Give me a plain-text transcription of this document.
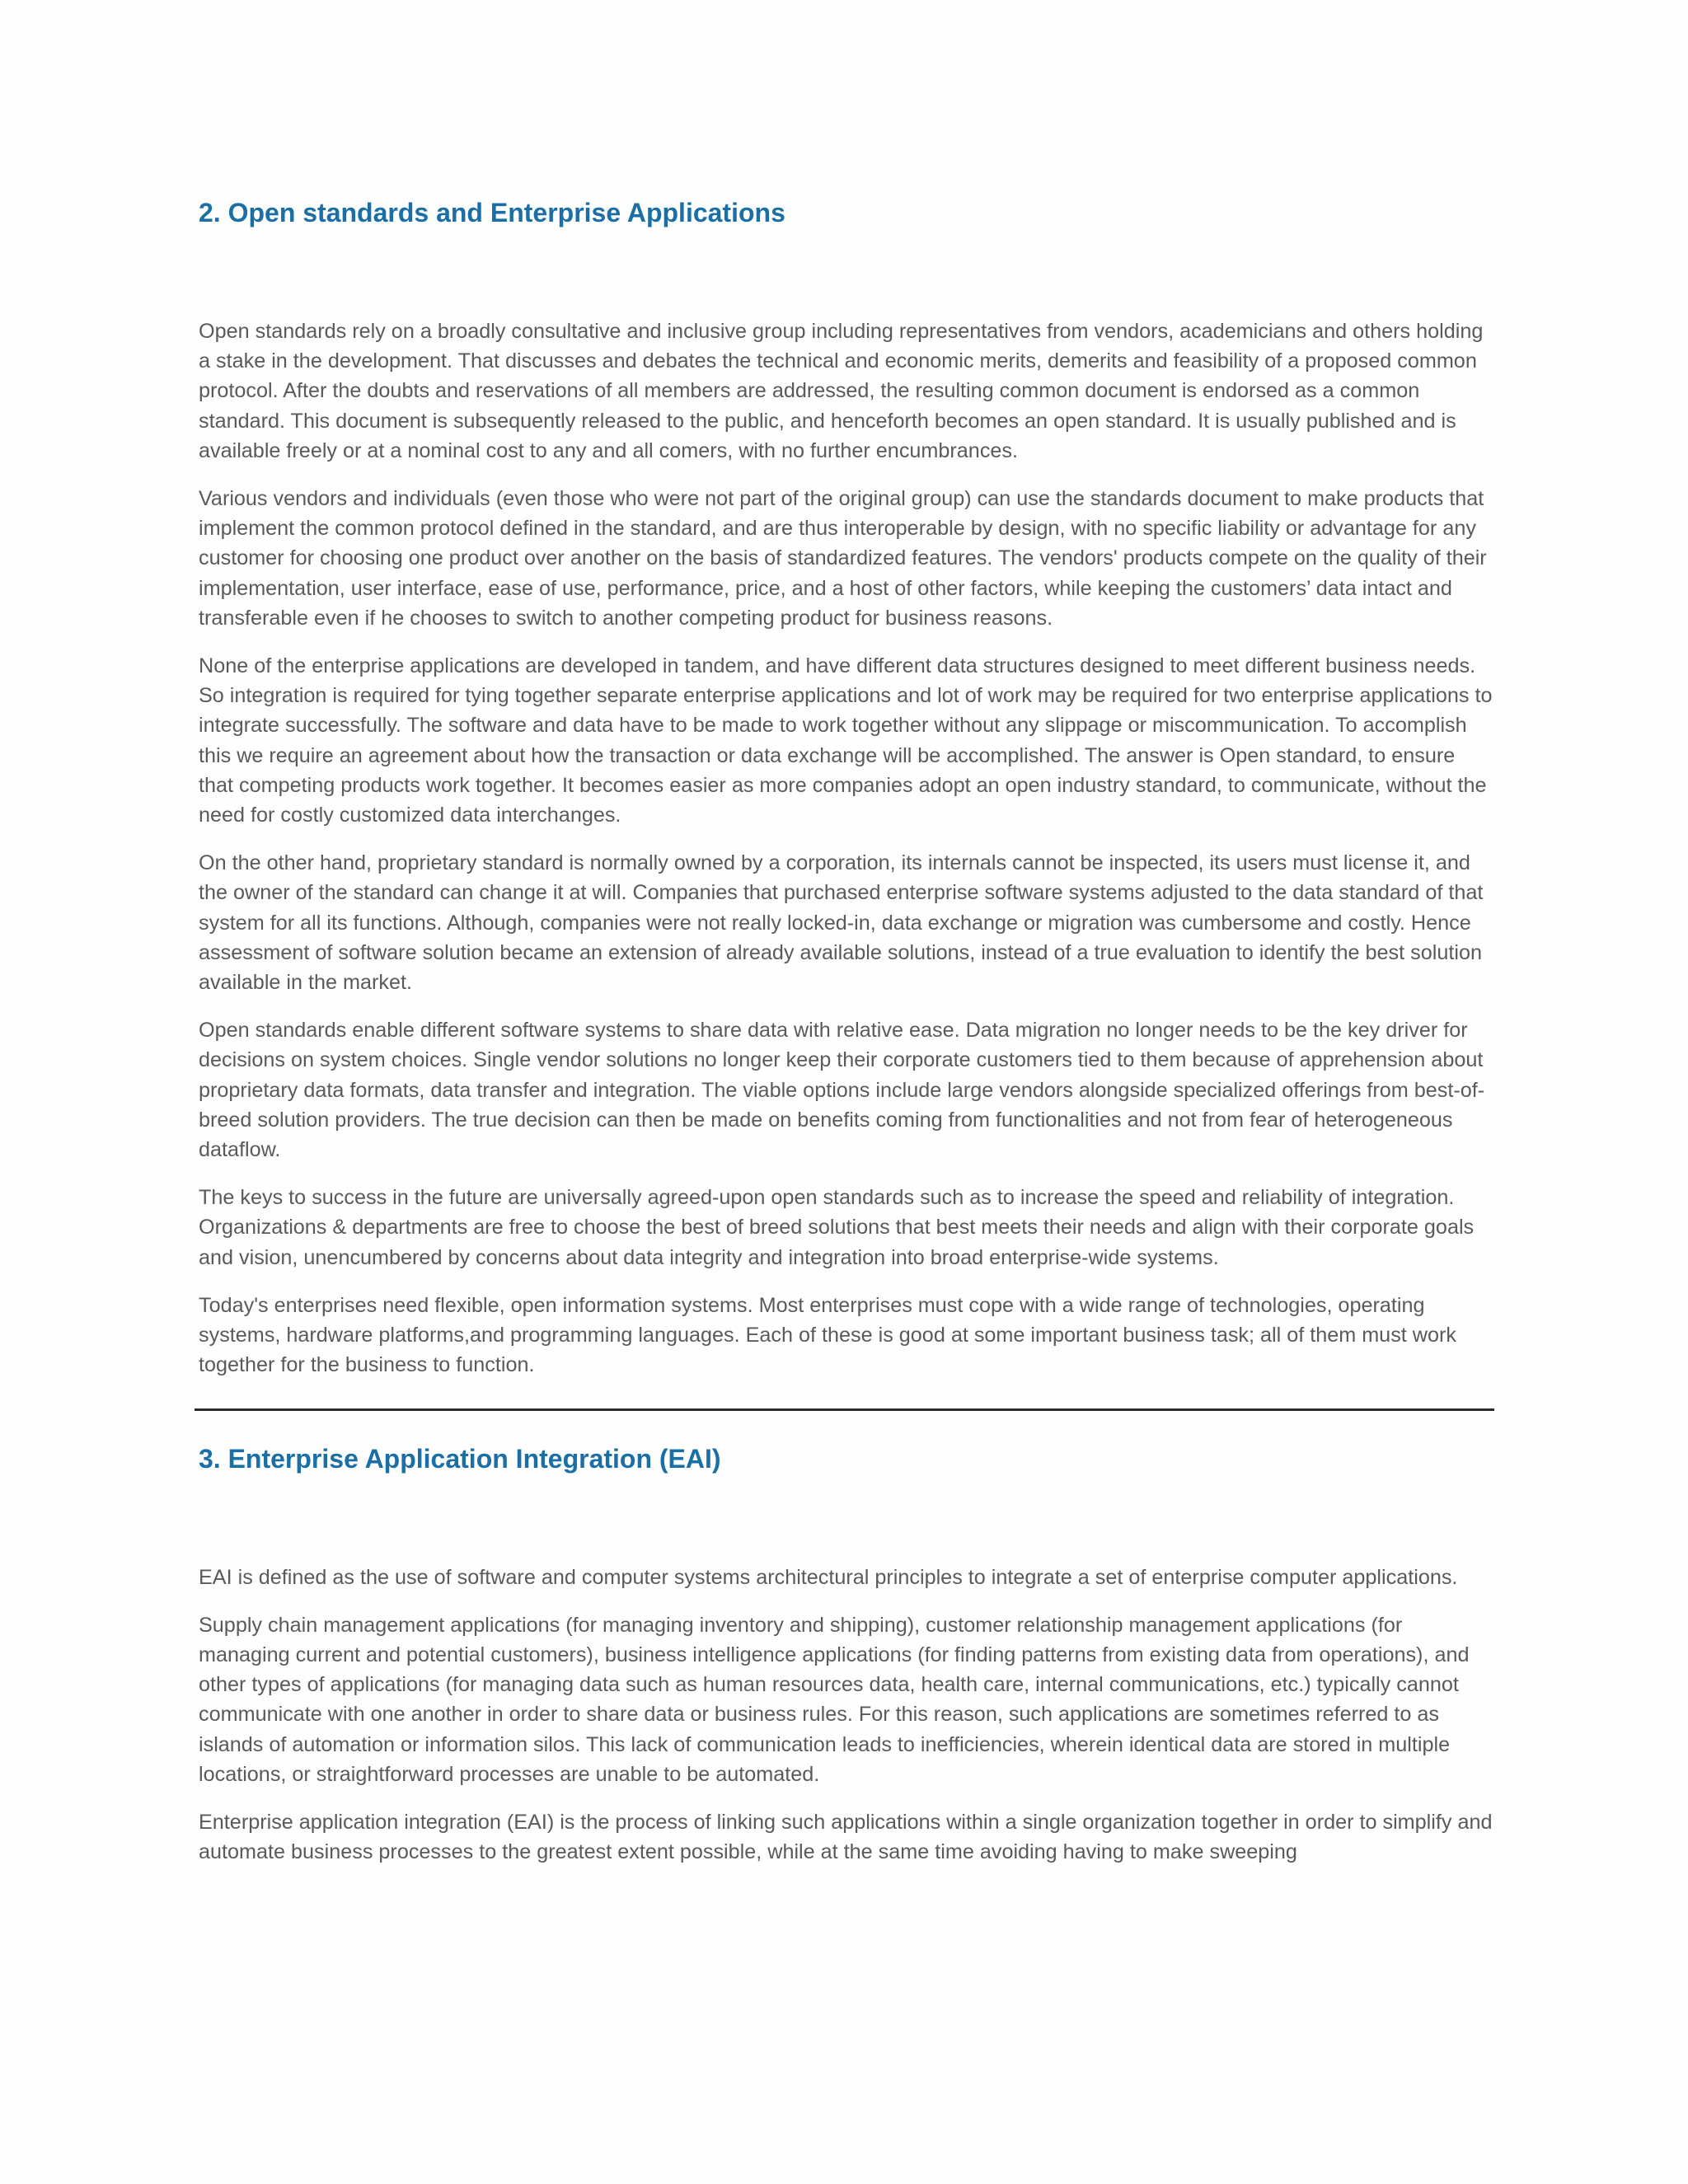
2. Open standards and Enterprise Applications

Open standards rely on a broadly consultative and inclusive group including representatives from vendors, academicians and others holding a stake in the development. That discusses and debates the technical and economic merits, demerits and feasibility of a proposed common protocol. After the doubts and reservations of all members are addressed, the resulting common document is endorsed as a common standard. This document is subsequently released to the public, and henceforth becomes an open standard. It is usually published and is available freely or at a nominal cost to any and all comers, with no further encumbrances.

Various vendors and individuals (even those who were not part of the original group) can use the standards document to make products that implement the common protocol defined in the standard, and are thus interoperable by design, with no specific liability or advantage for any customer for choosing one product over another on the basis of standardized features. The vendors' products compete on the quality of their implementation, user interface, ease of use, performance, price, and a host of other factors, while keeping the customers’ data intact and transferable even if he chooses to switch to another competing product for business reasons.

None of the enterprise applications are developed in tandem, and have different data structures designed to meet different business needs. So integration is required for tying together separate enterprise applications and lot of work may be required for two enterprise applications to integrate successfully. The software and data have to be made to work together without any slippage or miscommunication. To accomplish this we require an agreement about how the transaction or data exchange will be accomplished. The answer is Open standard, to ensure that competing products work together. It becomes easier as more companies adopt an open industry standard, to communicate, without the need for costly customized data interchanges.

On the other hand, proprietary standard is normally owned by a corporation, its internals cannot be inspected, its users must license it, and the owner of the standard can change it at will. Companies that purchased enterprise software systems adjusted to the data standard of that system for all its functions. Although, companies were not really locked-in, data exchange or migration was cumbersome and costly. Hence assessment of software solution became an extension of already available solutions, instead of a true evaluation to identify the best solution available in the market.

Open standards enable different software systems to share data with relative ease. Data migration no longer needs to be the key driver for decisions on system choices. Single vendor solutions no longer keep their corporate customers tied to them because of apprehension about proprietary data formats, data transfer and integration. The viable options include large vendors alongside specialized offerings from best-of-breed solution providers. The true decision can then be made on benefits coming from functionalities and not from fear of heterogeneous dataflow.

The keys to success in the future are universally agreed-upon open standards such as to increase the speed and reliability of integration. Organizations & departments are free to choose the best of breed solutions that best meets their needs and align with their corporate goals and vision, unencumbered by concerns about data integrity and integration into broad enterprise-wide systems.

Today's enterprises need flexible, open information systems. Most enterprises must cope with a wide range of technologies, operating systems, hardware platforms,and programming languages. Each of these is good at some important business task; all of them must work together for the business to function.

3. Enterprise Application Integration (EAI)

EAI is defined as the use of software and computer systems architectural principles to integrate a set of enterprise computer applications.

Supply chain management applications (for managing inventory and shipping), customer relationship management applications (for managing current and potential customers), business intelligence applications (for finding patterns from existing data from operations), and other types of applications (for managing data such as human resources data, health care, internal communications, etc.) typically cannot communicate with one another in order to share data or business rules. For this reason, such applications are sometimes referred to as islands of automation or information silos. This lack of communication leads to inefficiencies, wherein identical data are stored in multiple locations, or straightforward processes are unable to be automated.

Enterprise application integration (EAI) is the process of linking such applications within a single organization together in order to simplify and automate business processes to the greatest extent possible, while at the same time avoiding having to make sweeping
